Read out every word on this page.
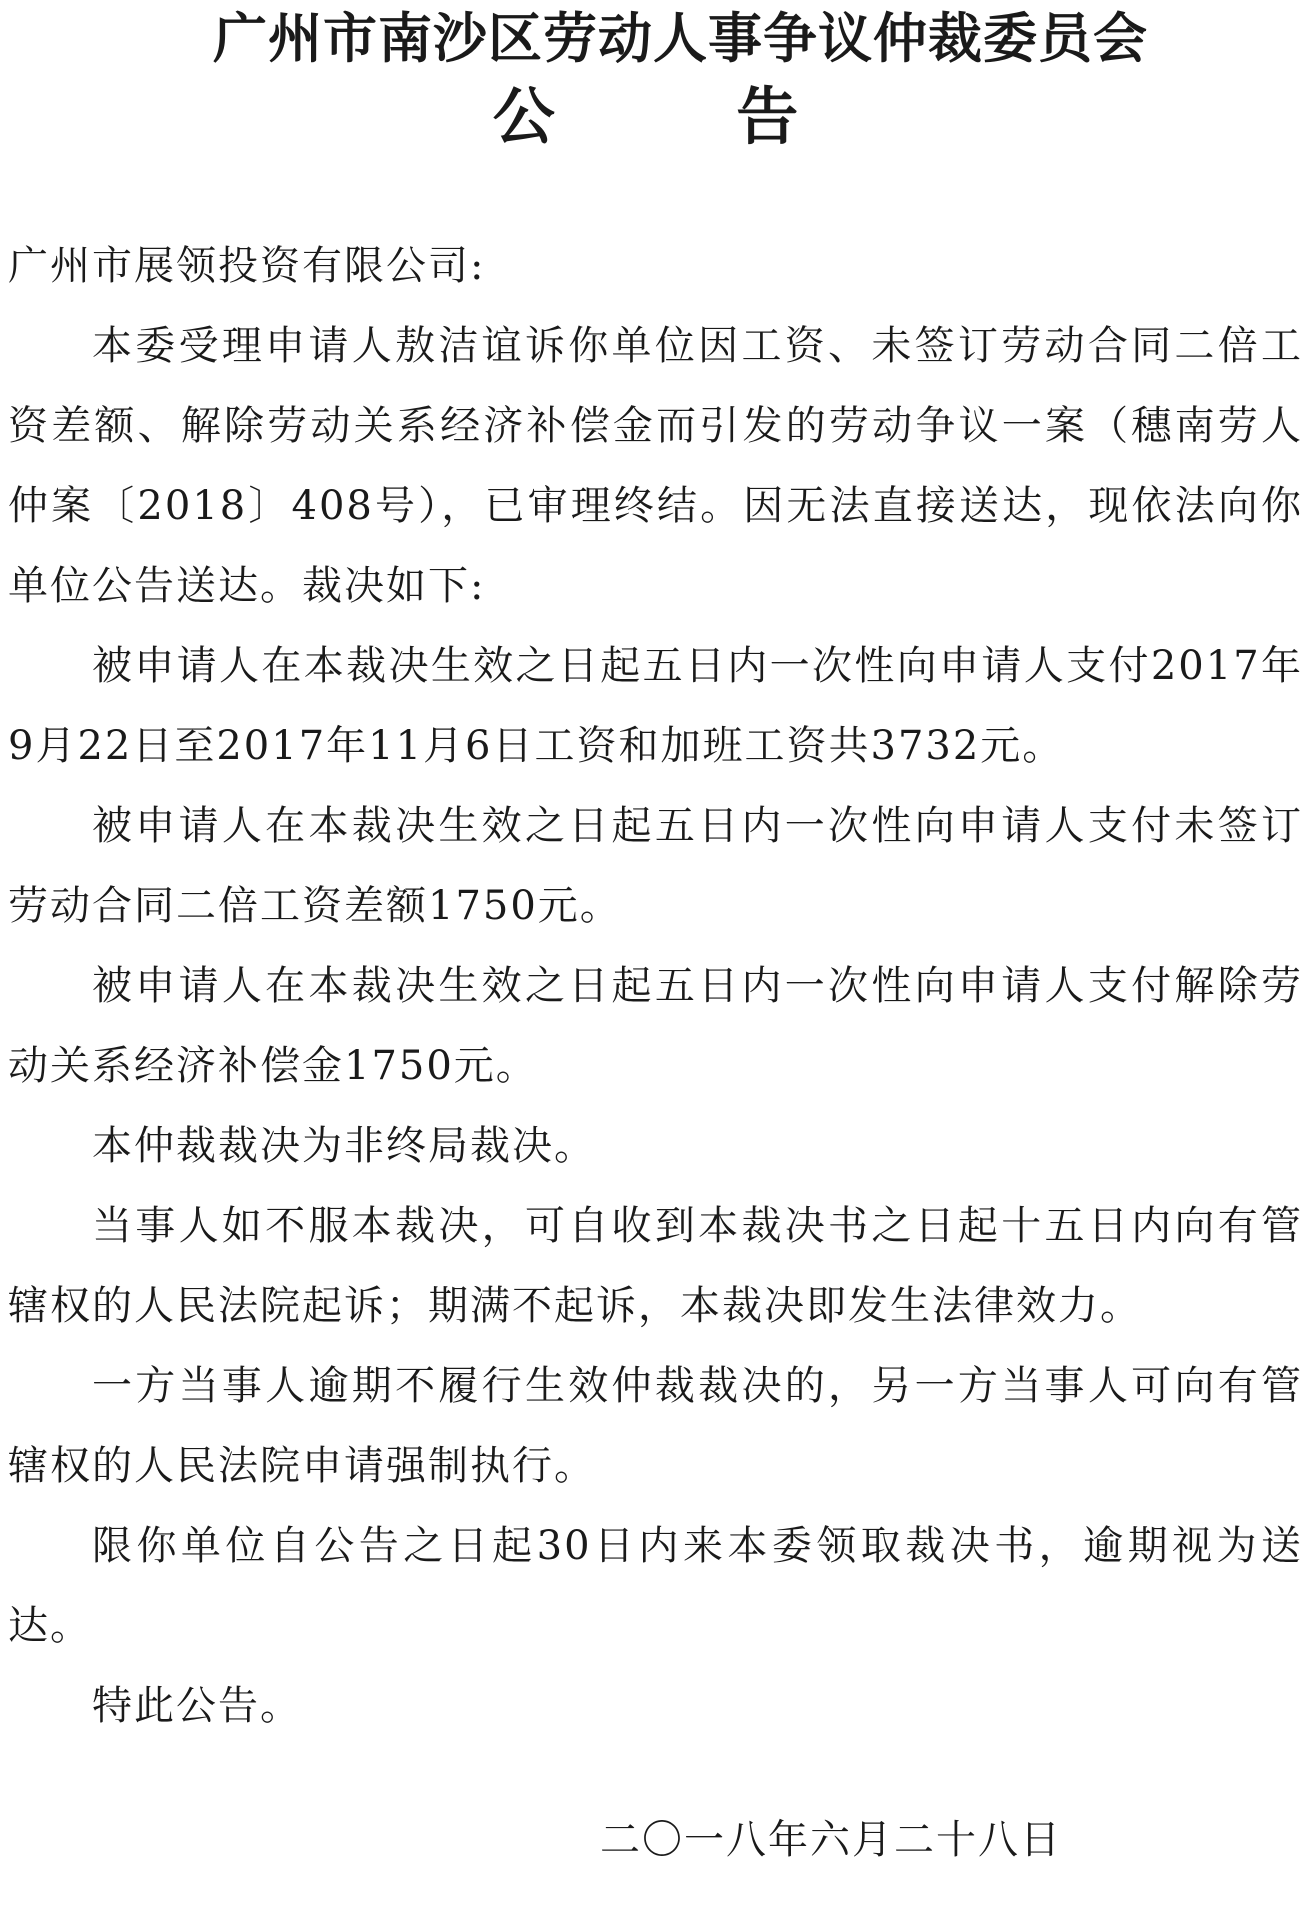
广州市南沙区劳动人事争议仲裁委员会
公 告

广州市展领投资有限公司:

本委受理申请人敖洁谊诉你单位因工资、未签订劳动合同二倍工资差额、解除劳动关系经济补偿金而引发的劳动争议一案（穗南劳人仲案〔2018〕408号），已审理终结。因无法直接送达，现依法向你单位公告送达。裁决如下:

被申请人在本裁决生效之日起五日内一次性向申请人支付2017年9月22日至2017年11月6日工资和加班工资共3732元。

被申请人在本裁决生效之日起五日内一次性向申请人支付未签订劳动合同二倍工资差额1750元。

被申请人在本裁决生效之日起五日内一次性向申请人支付解除劳动关系经济补偿金1750元。

本仲裁裁决为非终局裁决。

当事人如不服本裁决，可自收到本裁决书之日起十五日内向有管辖权的人民法院起诉；期满不起诉，本裁决即发生法律效力。

一方当事人逾期不履行生效仲裁裁决的，另一方当事人可向有管辖权的人民法院申请强制执行。

限你单位自公告之日起30日内来本委领取裁决书，逾期视为送达。

特此公告。

二〇一八年六月二十八日
